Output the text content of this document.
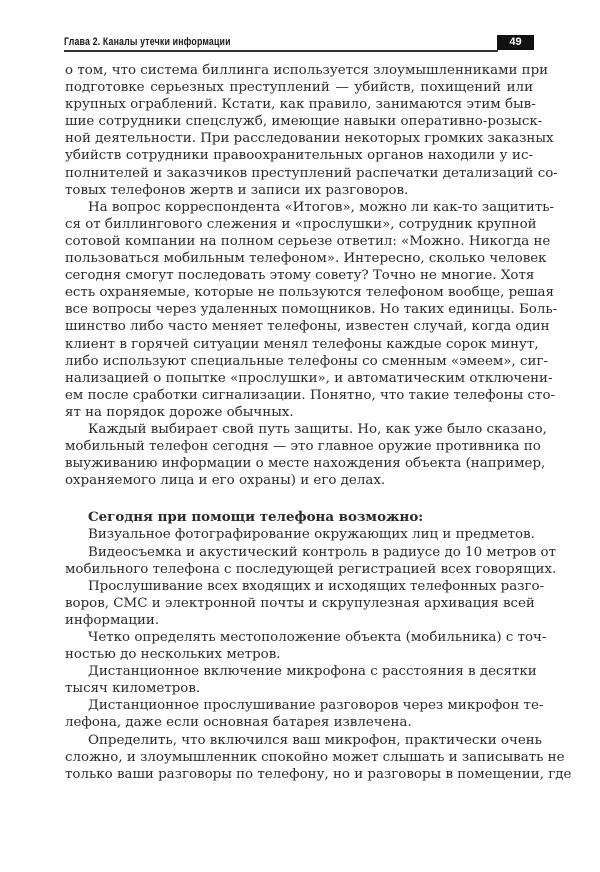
Глава 2. Каналы утечки информации	49

о том, что система биллинга используется злоумышленниками при
подготовке серьезных преступлений — убийств, похищений или
крупных ограблений. Кстати, как правило, занимаются этим быв-
шие сотрудники спецслужб, имеющие навыки оперативно-розыск-
ной деятельности. При расследовании некоторых громких заказных
убийств сотрудники правоохранительных органов находили у ис-
полнителей и заказчиков преступлений распечатки детализаций со-
товых телефонов жертв и записи их разговоров.

На вопрос корреспондента «Итогов», можно ли как-то защитить-
ся от биллингового слежения и «прослушки», сотрудник крупной
сотовой компании на полном серьезе ответил: «Можно. Никогда не
пользоваться мобильным телефоном». Интересно, сколько человек
сегодня смогут последовать этому совету? Точно не многие. Хотя
есть охраняемые, которые не пользуются телефоном вообще, решая
все вопросы через удаленных помощников. Но таких единицы. Боль-
шинство либо часто меняет телефоны, известен случай, когда один
клиент в горячей ситуации менял телефоны каждые сорок минут,
либо используют специальные телефоны со сменным «эмеем», сиг-
нализацией о попытке «прослушки», и автоматическим отключени-
ем после сработки сигнализации. Понятно, что такие телефоны сто-
ят на порядок дороже обычных.

Каждый выбирает свой путь защиты. Но, как уже было сказано,
мобильный телефон сегодня — это главное оружие противника по
выуживанию информации о месте нахождения объекта (например,
охраняемого лица и его охраны) и его делах.

Сегодня при помощи телефона возможно:

Визуальное фотографирование окружающих лиц и предметов.

Видеосъемка и акустический контроль в радиусе до 10 метров от
мобильного телефона с последующей регистрацией всех говорящих.

Прослушивание всех входящих и исходящих телефонных разго-
воров, СМС и электронной почты и скрупулезная архивация всей
информации.

Четко определять местоположение объекта (мобильника) с точ-
ностью до нескольких метров.

Дистанционное включение микрофона с расстояния в десятки
тысяч километров.

Дистанционное прослушивание разговоров через микрофон те-
лефона, даже если основная батарея извлечена.

Определить, что включился ваш микрофон, практически очень
сложно, и злоумышленник спокойно может слышать и записывать не
только ваши разговоры по телефону, но и разговоры в помещении, где
